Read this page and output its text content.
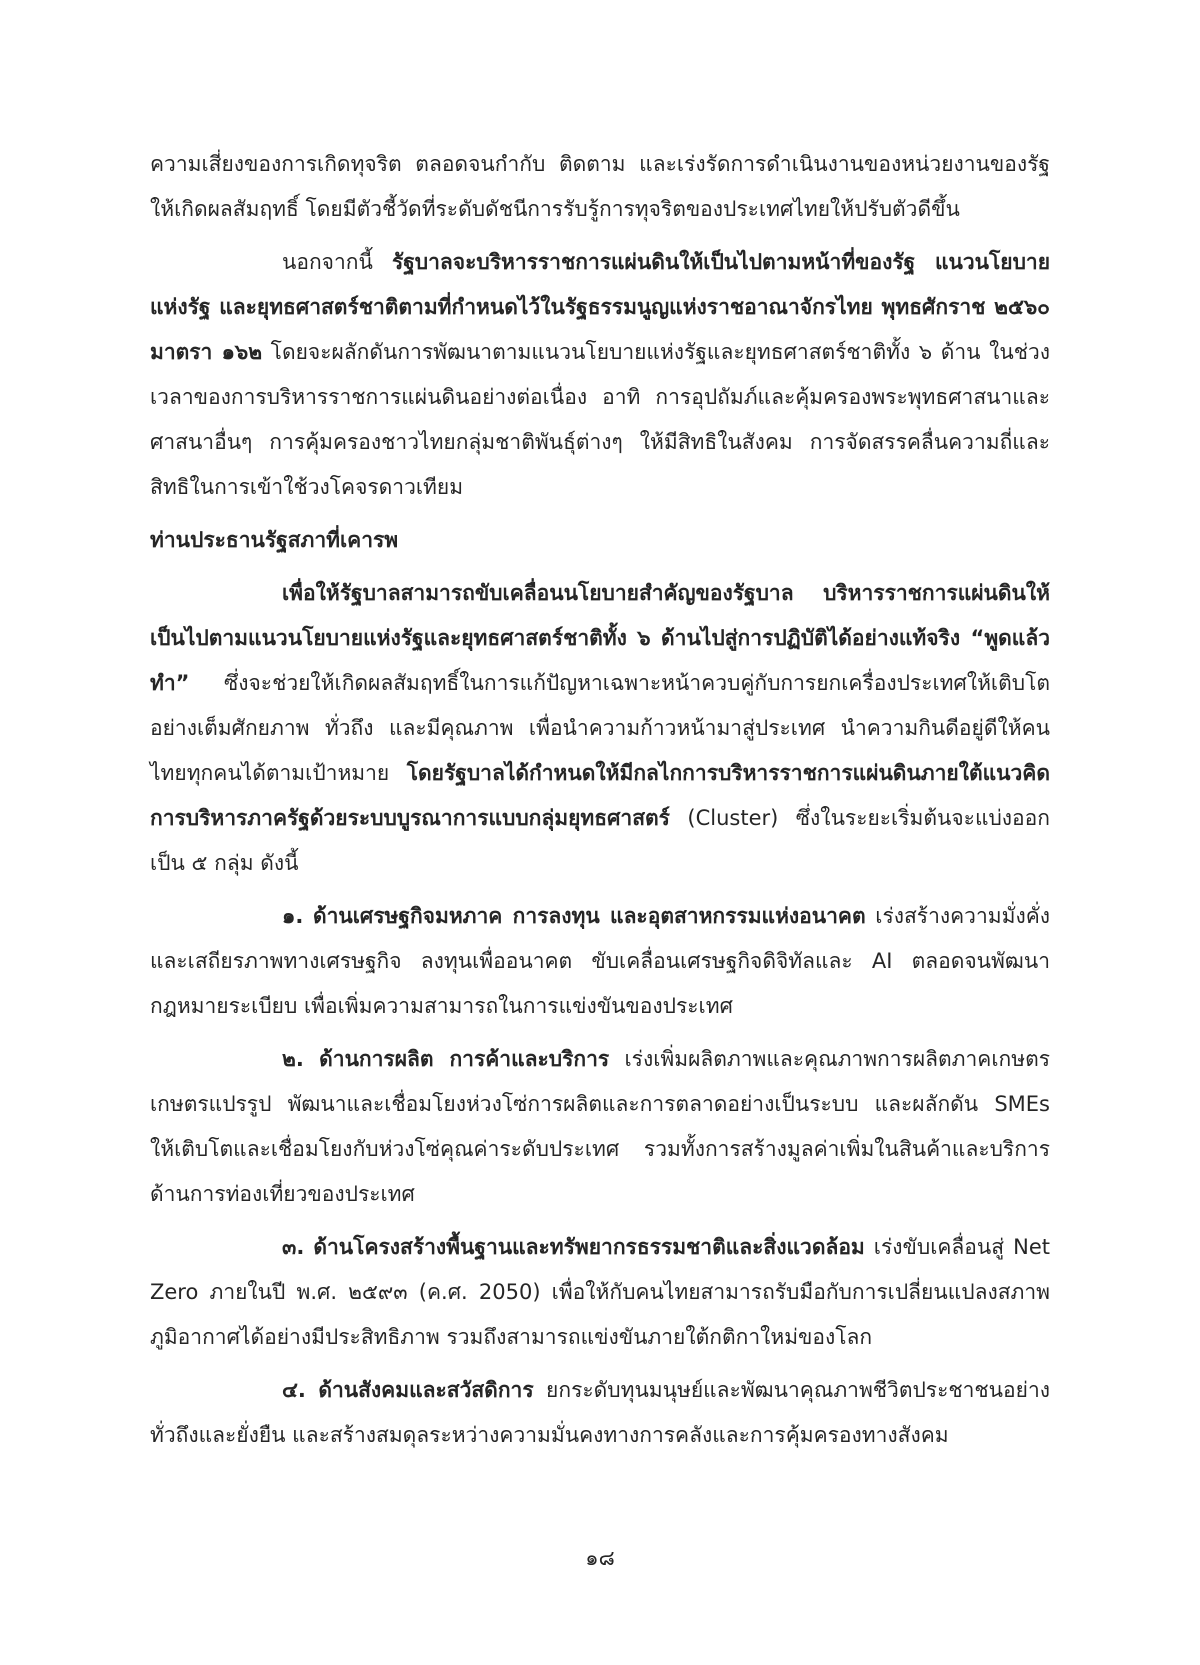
ความเสี่ยงของการเกิดทุจริต ตลอดจนกำกับ ติดตาม และเร่งรัดการดำเนินงานของหน่วยงานของรัฐให้เกิดผลสัมฤทธิ์ โดยมีตัวชี้วัดที่ระดับดัชนีการรับรู้การทุจริตของประเทศไทยให้ปรับตัวดีขึ้น

นอกจากนี้ รัฐบาลจะบริหารราชการแผ่นดินให้เป็นไปตามหน้าที่ของรัฐ แนวนโยบายแห่งรัฐ และยุทธศาสตร์ชาติตามที่กำหนดไว้ในรัฐธรรมนูญแห่งราชอาณาจักรไทย พุทธศักราช ๒๕๖๐ มาตรา ๑๖๒ โดยจะผลักดันการพัฒนาตามแนวนโยบายแห่งรัฐและยุทธศาสตร์ชาติทั้ง ๖ ด้าน ในช่วงเวลาของการบริหารราชการแผ่นดินอย่างต่อเนื่อง อาทิ การอุปถัมภ์และคุ้มครองพระพุทธศาสนาและศาสนาอื่นๆ การคุ้มครองชาวไทยกลุ่มชาติพันธุ์ต่างๆ ให้มีสิทธิในสังคม การจัดสรรคลื่นความถี่และสิทธิในการเข้าใช้วงโคจรดาวเทียม

ท่านประธานรัฐสภาที่เคารพ

เพื่อให้รัฐบาลสามารถขับเคลื่อนนโยบายสำคัญของรัฐบาล บริหารราชการแผ่นดินให้เป็นไปตามแนวนโยบายแห่งรัฐและยุทธศาสตร์ชาติทั้ง ๖ ด้านไปสู่การปฏิบัติได้อย่างแท้จริง “พูดแล้วทำ” ซึ่งจะช่วยให้เกิดผลสัมฤทธิ์ในการแก้ปัญหาเฉพาะหน้าควบคู่กับการยกเครื่องประเทศให้เติบโตอย่างเต็มศักยภาพ ทั่วถึง และมีคุณภาพ เพื่อนำความก้าวหน้ามาสู่ประเทศ นำความกินดีอยู่ดีให้คนไทยทุกคนได้ตามเป้าหมาย โดยรัฐบาลได้กำหนดให้มีกลไกการบริหารราชการแผ่นดินภายใต้แนวคิดการบริหารภาครัฐด้วยระบบบูรณาการแบบกลุ่มยุทธศาสตร์ (Cluster) ซึ่งในระยะเริ่มต้นจะแบ่งออกเป็น ๕ กลุ่ม ดังนี้

๑. ด้านเศรษฐกิจมหภาค การลงทุน และอุตสาหกรรมแห่งอนาคต เร่งสร้างความมั่งคั่งและเสถียรภาพทางเศรษฐกิจ ลงทุนเพื่ออนาคต ขับเคลื่อนเศรษฐกิจดิจิทัลและ AI ตลอดจนพัฒนากฎหมายระเบียบ เพื่อเพิ่มความสามารถในการแข่งขันของประเทศ

๒. ด้านการผลิต การค้าและบริการ เร่งเพิ่มผลิตภาพและคุณภาพการผลิตภาคเกษตร เกษตรแปรรูป พัฒนาและเชื่อมโยงห่วงโซ่การผลิตและการตลาดอย่างเป็นระบบ และผลักดัน SMEs ให้เติบโตและเชื่อมโยงกับห่วงโซ่คุณค่าระดับประเทศ รวมทั้งการสร้างมูลค่าเพิ่มในสินค้าและบริการด้านการท่องเที่ยวของประเทศ

๓. ด้านโครงสร้างพื้นฐานและทรัพยากรธรรมชาติและสิ่งแวดล้อม เร่งขับเคลื่อนสู่ Net Zero ภายในปี พ.ศ. ๒๕๙๓ (ค.ศ. 2050) เพื่อให้กับคนไทยสามารถรับมือกับการเปลี่ยนแปลงสภาพภูมิอากาศได้อย่างมีประสิทธิภาพ รวมถึงสามารถแข่งขันภายใต้กติกาใหม่ของโลก

๔. ด้านสังคมและสวัสดิการ ยกระดับทุนมนุษย์และพัฒนาคุณภาพชีวิตประชาชนอย่างทั่วถึงและยั่งยืน และสร้างสมดุลระหว่างความมั่นคงทางการคลังและการคุ้มครองทางสังคม

๑๘
